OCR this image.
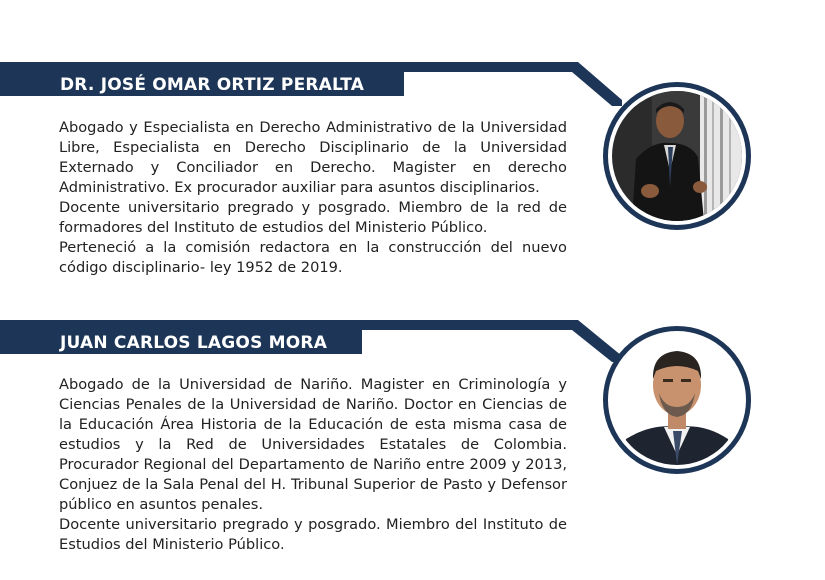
DR. JOSÉ OMAR ORTIZ PERALTA

Abogado y Especialista en Derecho Administrativo de la Universidad Libre, Especialista en Derecho Disciplinario de la Universidad Externado y Conciliador en Derecho. Magister en derecho Administrativo. Ex procurador auxiliar para asuntos disciplinarios.

Docente universitario pregrado y posgrado. Miembro de la red de formadores del Instituto de estudios del Ministerio Público.

Perteneció a la comisión redactora en la construcción del nuevo código disciplinario- ley 1952 de 2019.

JUAN CARLOS LAGOS MORA

Abogado de la Universidad de Nariño. Magister en Criminología y Ciencias Penales de la Universidad de Nariño. Doctor en Ciencias de la Educación Área Historia de la Educación de esta misma casa de estudios y la Red de Universidades Estatales de Colombia. Procurador Regional del Departamento de Nariño entre 2009 y 2013, Conjuez de la Sala Penal del H. Tribunal Superior de Pasto y Defensor público en asuntos penales.

Docente universitario pregrado y posgrado. Miembro del Instituto de Estudios del Ministerio Público.
